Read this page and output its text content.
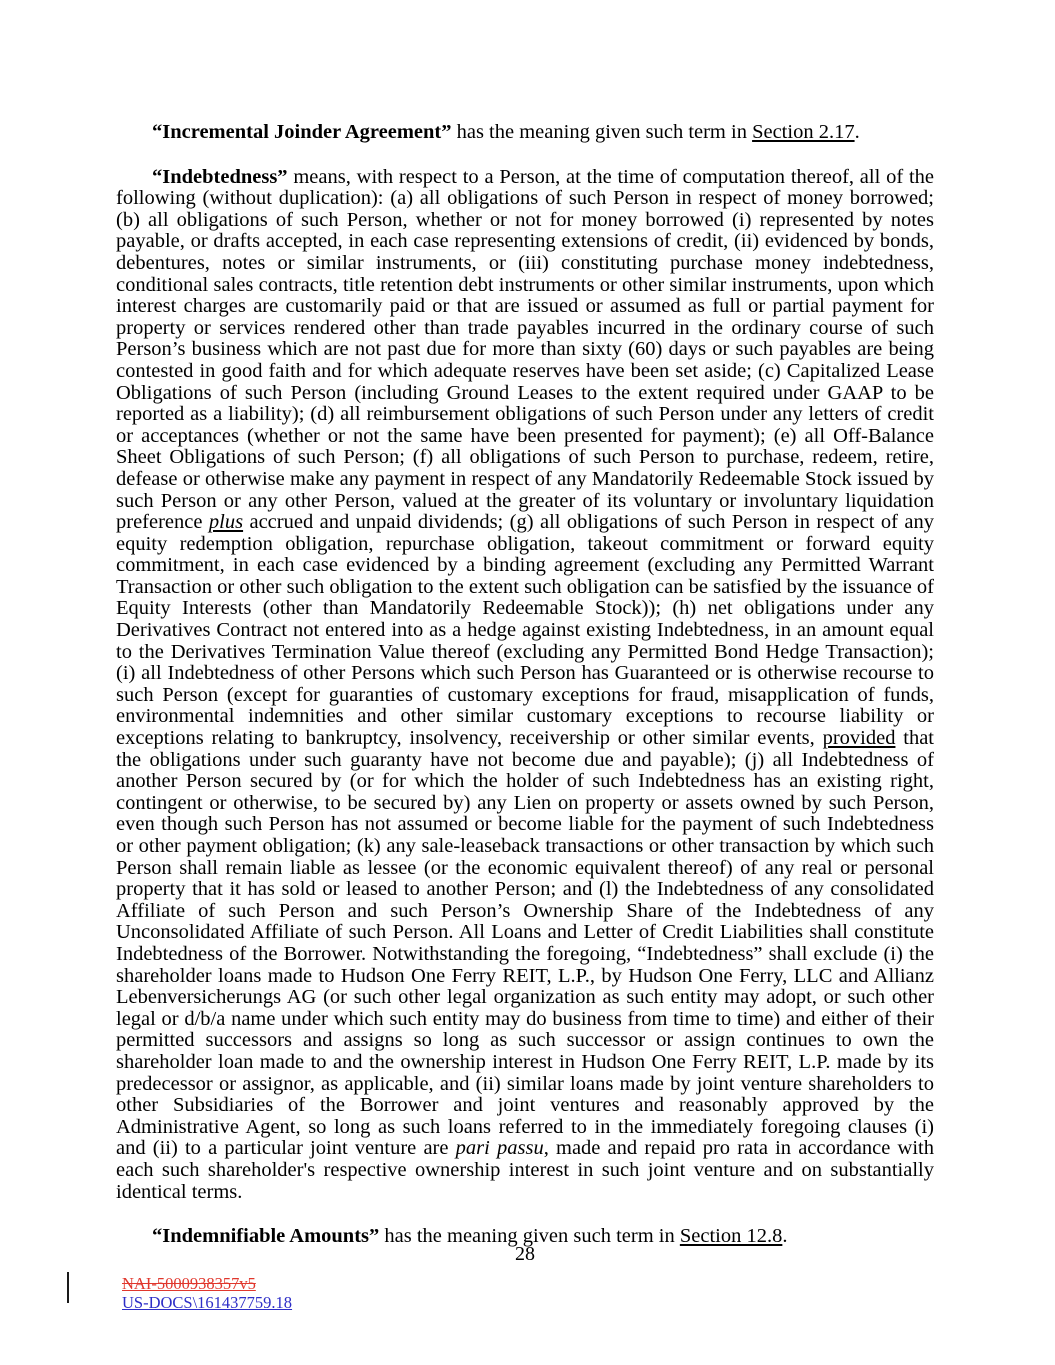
“Incremental Joinder Agreement” has the meaning given such term in Section 2.17.

“Indebtedness” means, with respect to a Person, at the time of computation thereof, all of the following (without duplication): (a) all obligations of such Person in respect of money borrowed; (b) all obligations of such Person, whether or not for money borrowed (i) represented by notes payable, or drafts accepted, in each case representing extensions of credit, (ii) evidenced by bonds, debentures, notes or similar instruments, or (iii) constituting purchase money indebtedness, conditional sales contracts, title retention debt instruments or other similar instruments, upon which interest charges are customarily paid or that are issued or assumed as full or partial payment for property or services rendered other than trade payables incurred in the ordinary course of such Person’s business which are not past due for more than sixty (60) days or such payables are being contested in good faith and for which adequate reserves have been set aside; (c) Capitalized Lease Obligations of such Person (including Ground Leases to the extent required under GAAP to be reported as a liability); (d) all reimbursement obligations of such Person under any letters of credit or acceptances (whether or not the same have been presented for payment); (e) all Off-Balance Sheet Obligations of such Person; (f) all obligations of such Person to purchase, redeem, retire, defease or otherwise make any payment in respect of any Mandatorily Redeemable Stock issued by such Person or any other Person, valued at the greater of its voluntary or involuntary liquidation preference plus accrued and unpaid dividends; (g) all obligations of such Person in respect of any equity redemption obligation, repurchase obligation, takeout commitment or forward equity commitment, in each case evidenced by a binding agreement (excluding any Permitted Warrant Transaction or other such obligation to the extent such obligation can be satisfied by the issuance of Equity Interests (other than Mandatorily Redeemable Stock)); (h) net obligations under any Derivatives Contract not entered into as a hedge against existing Indebtedness, in an amount equal to the Derivatives Termination Value thereof (excluding any Permitted Bond Hedge Transaction); (i) all Indebtedness of other Persons which such Person has Guaranteed or is otherwise recourse to such Person (except for guaranties of customary exceptions for fraud, misapplication of funds, environmental indemnities and other similar customary exceptions to recourse liability or exceptions relating to bankruptcy, insolvency, receivership or other similar events, provided that the obligations under such guaranty have not become due and payable); (j) all Indebtedness of another Person secured by (or for which the holder of such Indebtedness has an existing right, contingent or otherwise, to be secured by) any Lien on property or assets owned by such Person, even though such Person has not assumed or become liable for the payment of such Indebtedness or other payment obligation; (k) any sale-leaseback transactions or other transaction by which such Person shall remain liable as lessee (or the economic equivalent thereof) of any real or personal property that it has sold or leased to another Person; and (l) the Indebtedness of any consolidated Affiliate of such Person and such Person’s Ownership Share of the Indebtedness of any Unconsolidated Affiliate of such Person. All Loans and Letter of Credit Liabilities shall constitute Indebtedness of the Borrower. Notwithstanding the foregoing, “Indebtedness” shall exclude (i) the shareholder loans made to Hudson One Ferry REIT, L.P., by Hudson One Ferry, LLC and Allianz Lebenversicherungs AG (or such other legal organization as such entity may adopt, or such other legal or d/b/a name under which such entity may do business from time to time) and either of their permitted successors and assigns so long as such successor or assign continues to own the shareholder loan made to and the ownership interest in Hudson One Ferry REIT, L.P. made by its predecessor or assignor, as applicable, and (ii) similar loans made by joint venture shareholders to other Subsidiaries of the Borrower and joint ventures and reasonably approved by the Administrative Agent, so long as such loans referred to in the immediately foregoing clauses (i) and (ii) to a particular joint venture are pari passu, made and repaid pro rata in accordance with each such shareholder's respective ownership interest in such joint venture and on substantially identical terms.

“Indemnifiable Amounts” has the meaning given such term in Section 12.8.

28
NAI-5000938357v5
US-DOCS\161437759.18
